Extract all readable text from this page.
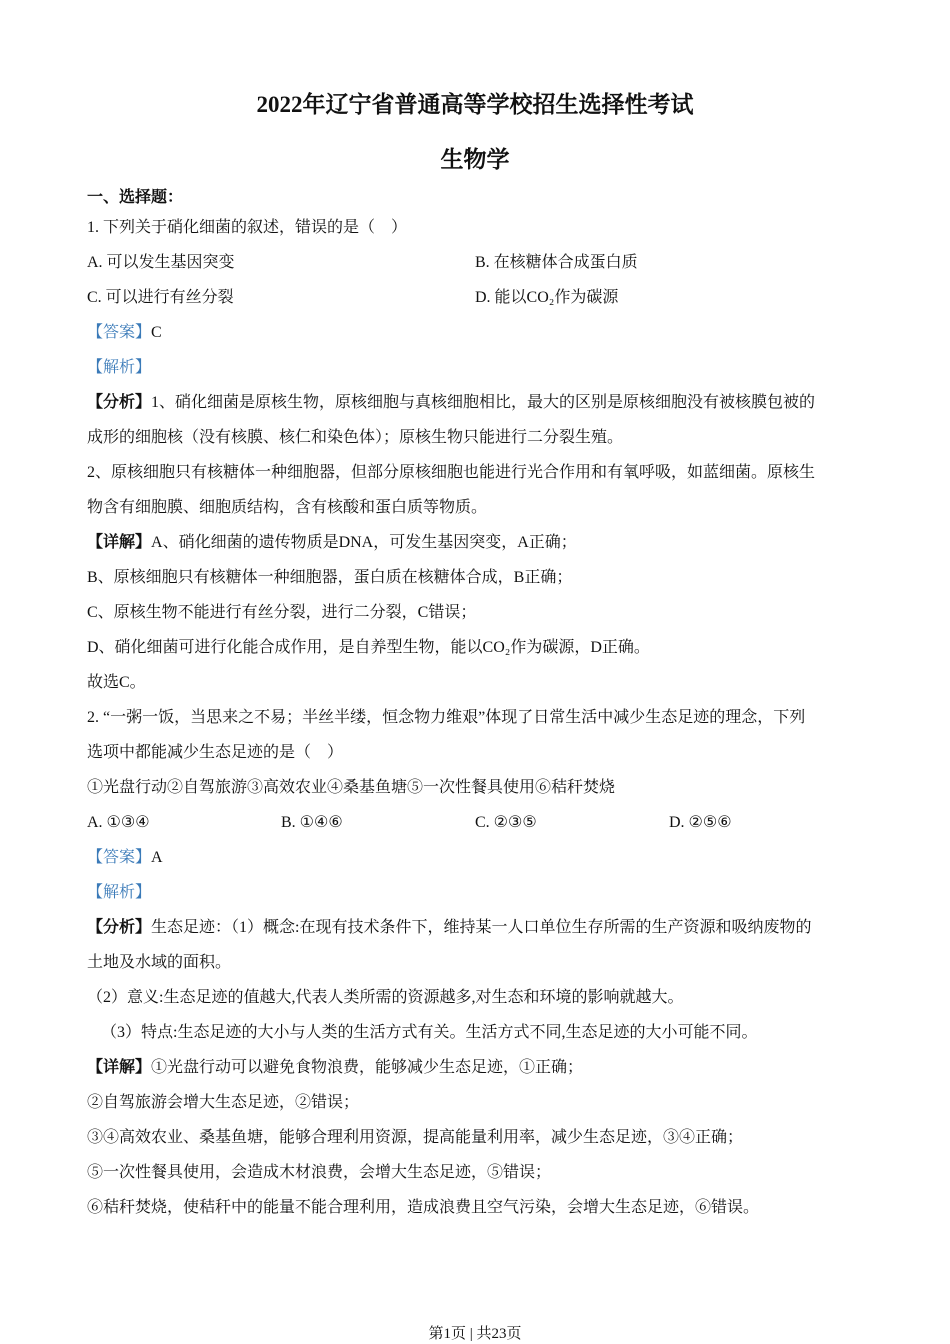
2022年辽宁省普通高等学校招生选择性考试
生物学
一、选择题：
1. 下列关于硝化细菌的叙述，错误的是（　）
A. 可以发生基因突变	B. 在核糖体合成蛋白质
C. 可以进行有丝分裂	D. 能以CO₂作为碳源
【答案】C
【解析】
【分析】1、硝化细菌是原核生物，原核细胞与真核细胞相比，最大的区别是原核细胞没有被核膜包被的
成形的细胞核（没有核膜、核仁和染色体）；原核生物只能进行二分裂生殖。
2、原核细胞只有核糖体一种细胞器，但部分原核细胞也能进行光合作用和有氧呼吸，如蓝细菌。原核生
物含有细胞膜、细胞质结构，含有核酸和蛋白质等物质。
【详解】A、硝化细菌的遗传物质是DNA，可发生基因突变，A正确；
B、原核细胞只有核糖体一种细胞器，蛋白质在核糖体合成，B正确；
C、原核生物不能进行有丝分裂，进行二分裂，C错误；
D、硝化细菌可进行化能合成作用，是自养型生物，能以CO₂作为碳源，D正确。
故选C。
2. “一粥一饭，当思来之不易；半丝半缕，恒念物力维艰”体现了日常生活中减少生态足迹的理念，下列
选项中都能减少生态足迹的是（　）
①光盘行动②自驾旅游③高效农业④桑基鱼塘⑤一次性餐具使用⑥秸秆焚烧
A. ①③④	B. ①④⑥	C. ②③⑤	D. ②⑤⑥
【答案】A
【解析】
【分析】生态足迹：（1）概念:在现有技术条件下，维持某一人口单位生存所需的生产资源和吸纳废物的
土地及水域的面积。
（2）意义:生态足迹的值越大,代表人类所需的资源越多,对生态和环境的影响就越大。
（3）特点:生态足迹的大小与人类的生活方式有关。生活方式不同,生态足迹的大小可能不同。
【详解】①光盘行动可以避免食物浪费，能够减少生态足迹，①正确；
②自驾旅游会增大生态足迹，②错误；
③④高效农业、桑基鱼塘，能够合理利用资源，提高能量利用率，减少生态足迹，③④正确；
⑤一次性餐具使用，会造成木材浪费，会增大生态足迹，⑤错误；
⑥秸秆焚烧，使秸秆中的能量不能合理利用，造成浪费且空气污染，会增大生态足迹，⑥错误。
第1页 | 共23页
